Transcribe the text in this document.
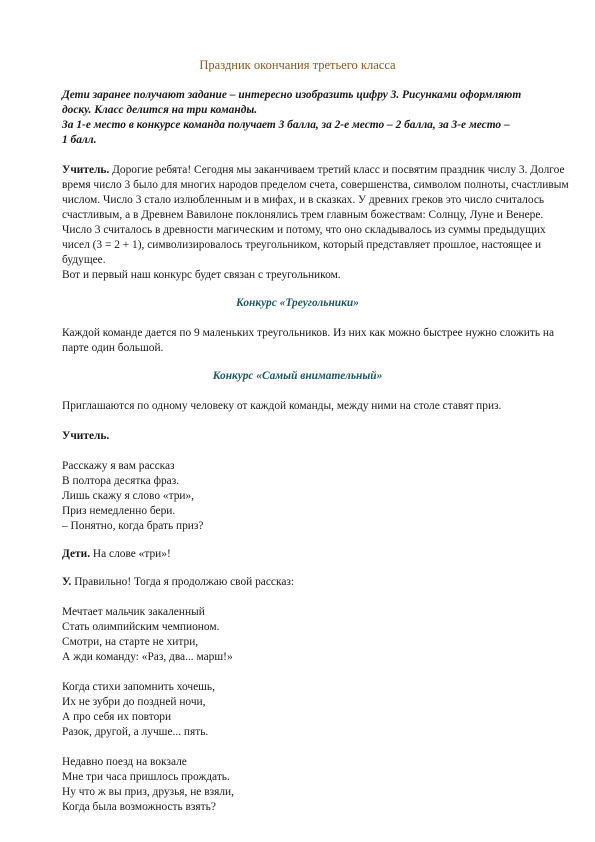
Праздник окончания третьего класса
Дети заранее получают задание – интересно изобразить цифру 3. Рисунками оформляют
доску. Класс делится на три команды.
За 1-е место в конкурсе команда получает 3 балла, за 2-е место – 2 балла, за 3-е место –
1 балл.
Учитель. Дорогие ребята! Сегодня мы заканчиваем третий класс и посвятим праздник числу 3. Долгое
время число 3 было для многих народов пределом счета, совершенства, символом полноты, счастливым
числом. Число 3 стало излюбленным и в мифах, и в сказках. У древних греков это число считалось
счастливым, а в Древнем Вавилоне поклонялись трем главным божествам: Солнцу, Луне и Венере.
Число 3 считалось в древности магическим и потому, что оно складывалось из суммы предыдущих
чисел (3 = 2 + 1), символизировалось треугольником, который представляет прошлое, настоящее и
будущее.
Вот и первый наш конкурс будет связан с треугольником.
Конкурс «Треугольники»
Каждой команде дается по 9 маленьких треугольников. Из них как можно быстрее нужно сложить на
парте один большой.
Конкурс «Самый внимательный»
Приглашаются по одному человеку от каждой команды, между ними на столе ставят приз.
Учитель.
Расскажу я вам рассказ
В полтора десятка фраз.
Лишь скажу я слово «три»,
Приз немедленно бери.
– Понятно, когда брать приз?
Дети. На слове «три»!
У. Правильно! Тогда я продолжаю свой рассказ:
Мечтает мальчик закаленный
Стать олимпийским чемпионом.
Смотри, на старте не хитри,
А жди команду: «Раз, два... марш!»
Когда стихи запомнить хочешь,
Их не зубри до поздней ночи,
А про себя их повтори
Разок, другой, а лучше... пять.
Недавно поезд на вокзале
Мне три часа пришлось прождать.
Ну что ж вы приз, друзья, не взяли,
Когда была возможность взять?
